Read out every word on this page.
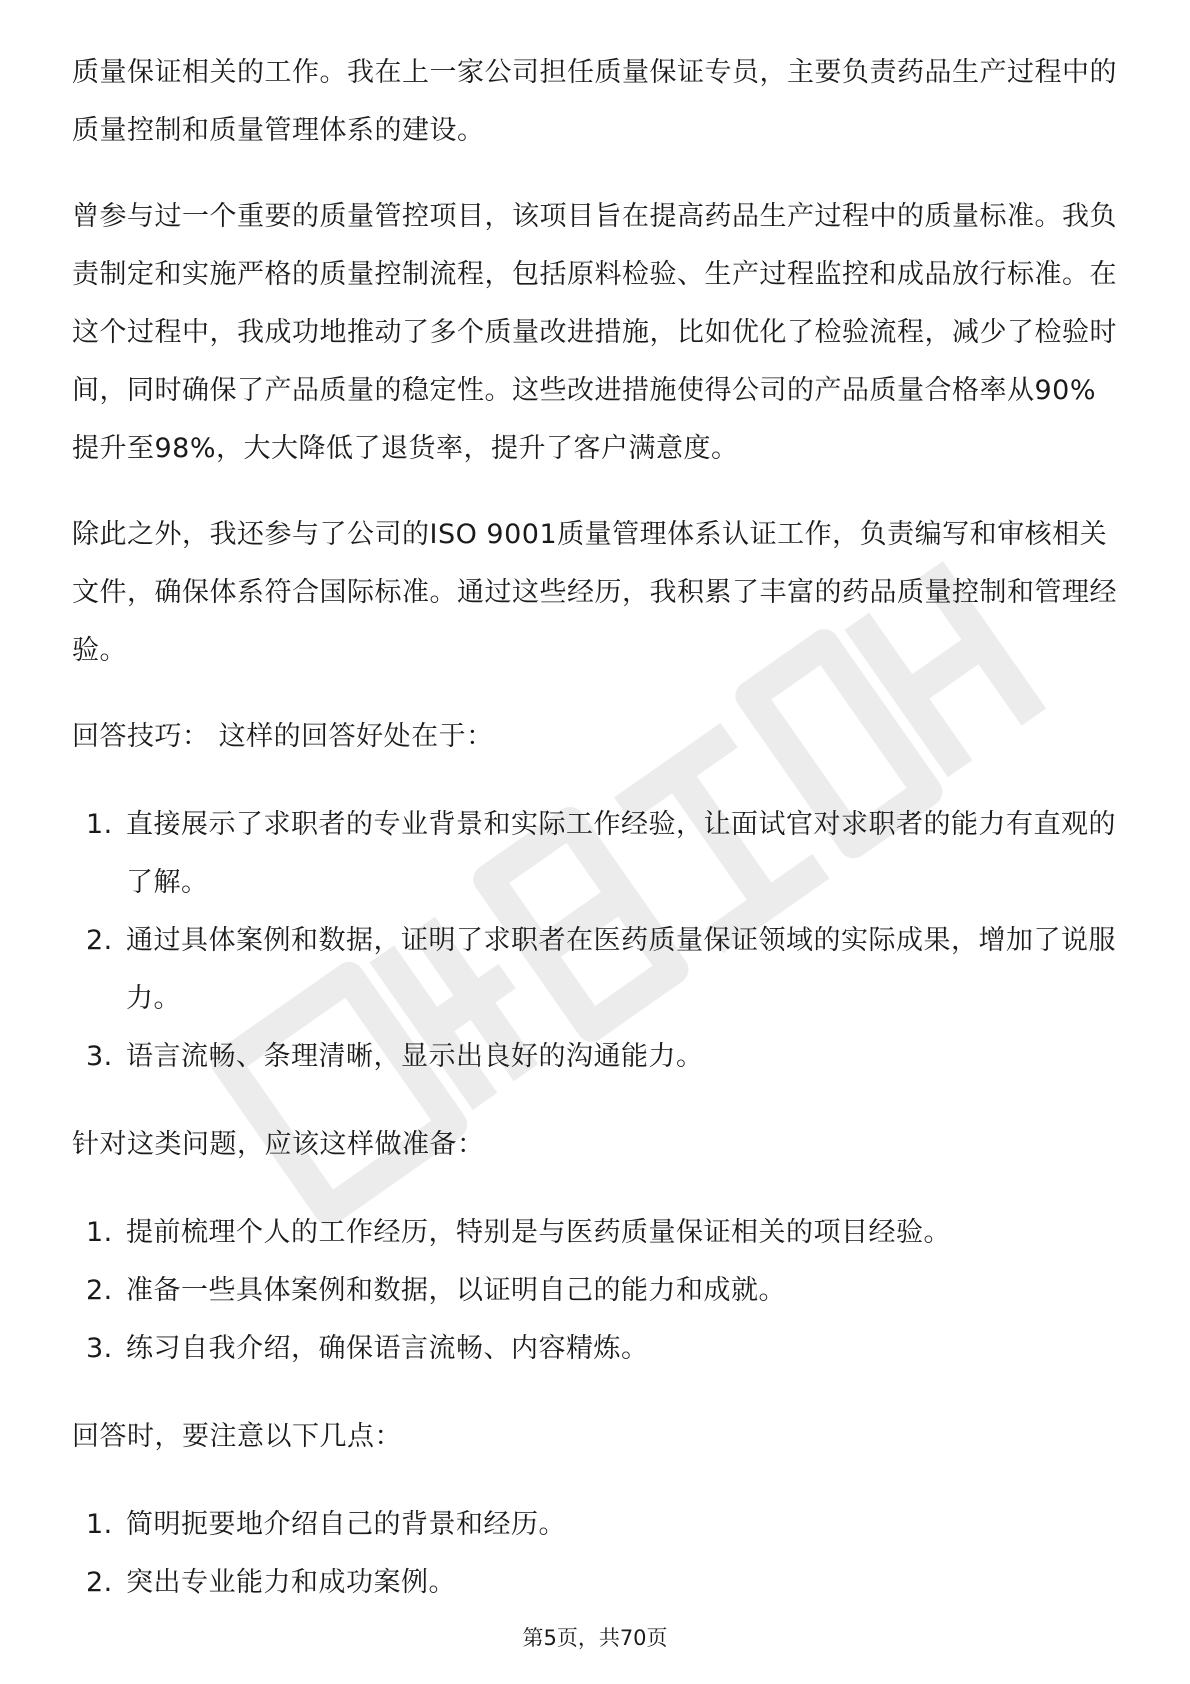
质量保证相关的工作。我在上一家公司担任质量保证专员，主要负责药品生产过程中的质量控制和质量管理体系的建设。

曾参与过一个重要的质量管控项目，该项目旨在提高药品生产过程中的质量标准。我负责制定和实施严格的质量控制流程，包括原料检验、生产过程监控和成品放行标准。在这个过程中，我成功地推动了多个质量改进措施，比如优化了检验流程，减少了检验时间，同时确保了产品质量的稳定性。这些改进措施使得公司的产品质量合格率从90%提升至98%，大大降低了退货率，提升了客户满意度。

除此之外，我还参与了公司的ISO 9001质量管理体系认证工作，负责编写和审核相关文件，确保体系符合国际标准。通过这些经历，我积累了丰富的药品质量控制和管理经验。

回答技巧： 这样的回答好处在于：

1. 直接展示了求职者的专业背景和实际工作经验，让面试官对求职者的能力有直观的了解。
2. 通过具体案例和数据，证明了求职者在医药质量保证领域的实际成果，增加了说服力。
3. 语言流畅、条理清晰，显示出良好的沟通能力。

针对这类问题，应该这样做准备：

1. 提前梳理个人的工作经历，特别是与医药质量保证相关的项目经验。
2. 准备一些具体案例和数据，以证明自己的能力和成就。
3. 练习自我介绍，确保语言流畅、内容精炼。

回答时，要注意以下几点：

1. 简明扼要地介绍自己的背景和经历。
2. 突出专业能力和成功案例。
第5页，共70页
